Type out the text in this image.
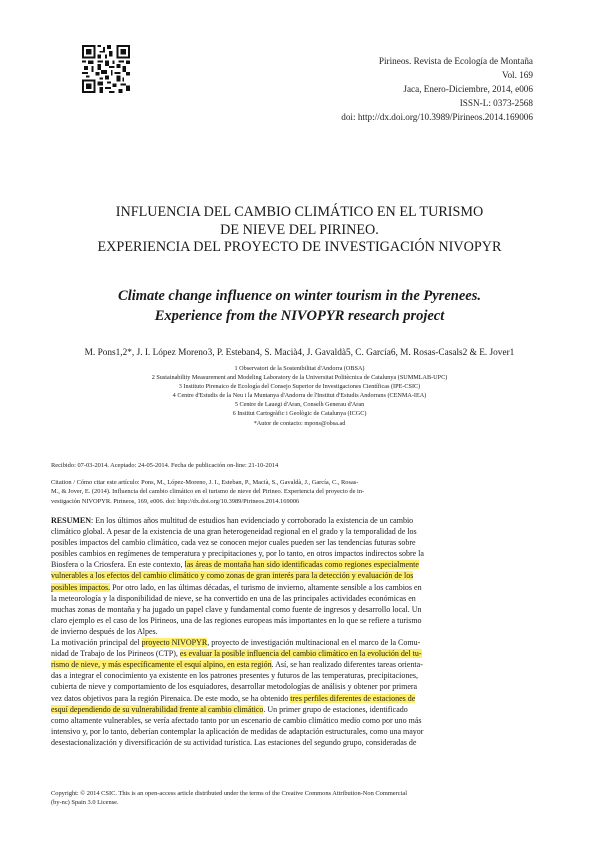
Pirineos. Revista de Ecología de Montaña
Vol. 169
Jaca, Enero-Diciembre, 2014, e006
ISSN-L: 0373-2568
doi: http://dx.doi.org/10.3989/Pirineos.2014.169006
INFLUENCIA DEL CAMBIO CLIMÁTICO EN EL TURISMO
DE NIEVE DEL PIRINEO.
EXPERIENCIA DEL PROYECTO DE INVESTIGACIÓN NIVOPYR
Climate change influence on winter tourism in the Pyrenees.
Experience from the NIVOPYR research project
M. Pons1,2*, J. I. López Moreno3, P. Esteban4, S. Macià4, J. Gavaldà5, C. García6, M. Rosas-Casals2 & E. Jover1
1 Observatori de la Sostenibilitat d'Andorra (OBSA)
2 Sustainability Measurement and Modeling Laboratory de la Universitat Politècnica de Catalunya (SUMMLAB-UPC)
3 Instituto Pirenaico de Ecología del Consejo Superior de Investigaciones Científicas (IPE-CSIC)
4 Centre d'Estudis de la Neu i la Muntanya d'Andorra de l'Institut d'Estudis Andorrans (CENMA-IEA)
5 Centre de Lauegi d'Aran, Conselh Generau d'Aran
6 Institut Cartogràfic i Geològic de Catalunya (ICGC)
*Autor de contacto: mpons@obsa.ad
Recibido: 07-03-2014. Aceptado: 24-05-2014. Fecha de publicación on-line: 21-10-2014
Citation / Cómo citar este artículo: Pons, M., López-Moreno, J. I., Esteban, P., Macià, S., Gavaldà, J., García, C., Rosas-
M., & Jover, E. (2014). Influencia del cambio climático en el turismo de nieve del Pirineo. Experiencia del proyecto de in-
vestigación NIVOPYR. Pirineos, 169, e006. doi: http://dx.doi.org/10.3989/Pirineos.2014.169006
RESUMEN: En los últimos años multitud de estudios han evidenciado y corroborado la existencia de un cambio
climático global. A pesar de la existencia de una gran heterogeneidad regional en el grado y la temporalidad de los
posibles impactos del cambio climático, cada vez se conocen mejor cuales pueden ser las tendencias futuras sobre
posibles cambios en regímenes de temperatura y precipitaciones y, por lo tanto, en otros impactos indirectos sobre la
Biosfera o la Criosfera. En este contexto, las áreas de montaña han sido identificadas como regiones especialmente
vulnerables a los efectos del cambio climático y como zonas de gran interés para la detección y evaluación de los
posibles impactos. Por otro lado, en las últimas décadas, el turismo de invierno, altamente sensible a los cambios en
la meteorología y la disponibilidad de nieve, se ha convertido en una de las principales actividades económicas en
muchas zonas de montaña y ha jugado un papel clave y fundamental como fuente de ingresos y desarrollo local. Un
claro ejemplo es el caso de los Pirineos, una de las regiones europeas más importantes en lo que se refiere a turismo
de invierno después de los Alpes.
La motivación principal del proyecto NIVOPYR, proyecto de investigación multinacional en el marco de la Comu-
nidad de Trabajo de los Pirineos (CTP), es evaluar la posible influencia del cambio climático en la evolución del tu-
rismo de nieve, y más específicamente el esquí alpino, en esta región. Así, se han realizado diferentes tareas orienta-
das a integrar el conocimiento ya existente en los patrones presentes y futuros de las temperaturas, precipitaciones,
cubierta de nieve y comportamiento de los esquiadores, desarrollar metodologías de análisis y obtener por primera
vez datos objetivos para la región Pirenaica. De este modo, se ha obtenido tres perfiles diferentes de estaciones de
esquí dependiendo de su vulnerabilidad frente al cambio climático. Un primer grupo de estaciones, identificado
como altamente vulnerables, se vería afectado tanto por un escenario de cambio climático medio como por uno más
intensivo y, por lo tanto, deberían contemplar la aplicación de medidas de adaptación estructurales, como una mayor
desestacionalización y diversificación de su actividad turística. Las estaciones del segundo grupo, consideradas de
Copyright: © 2014 CSIC. This is an open-access article distributed under the terms of the Creative Commons Attribution-Non Commercial
(by-nc) Spain 3.0 License.
